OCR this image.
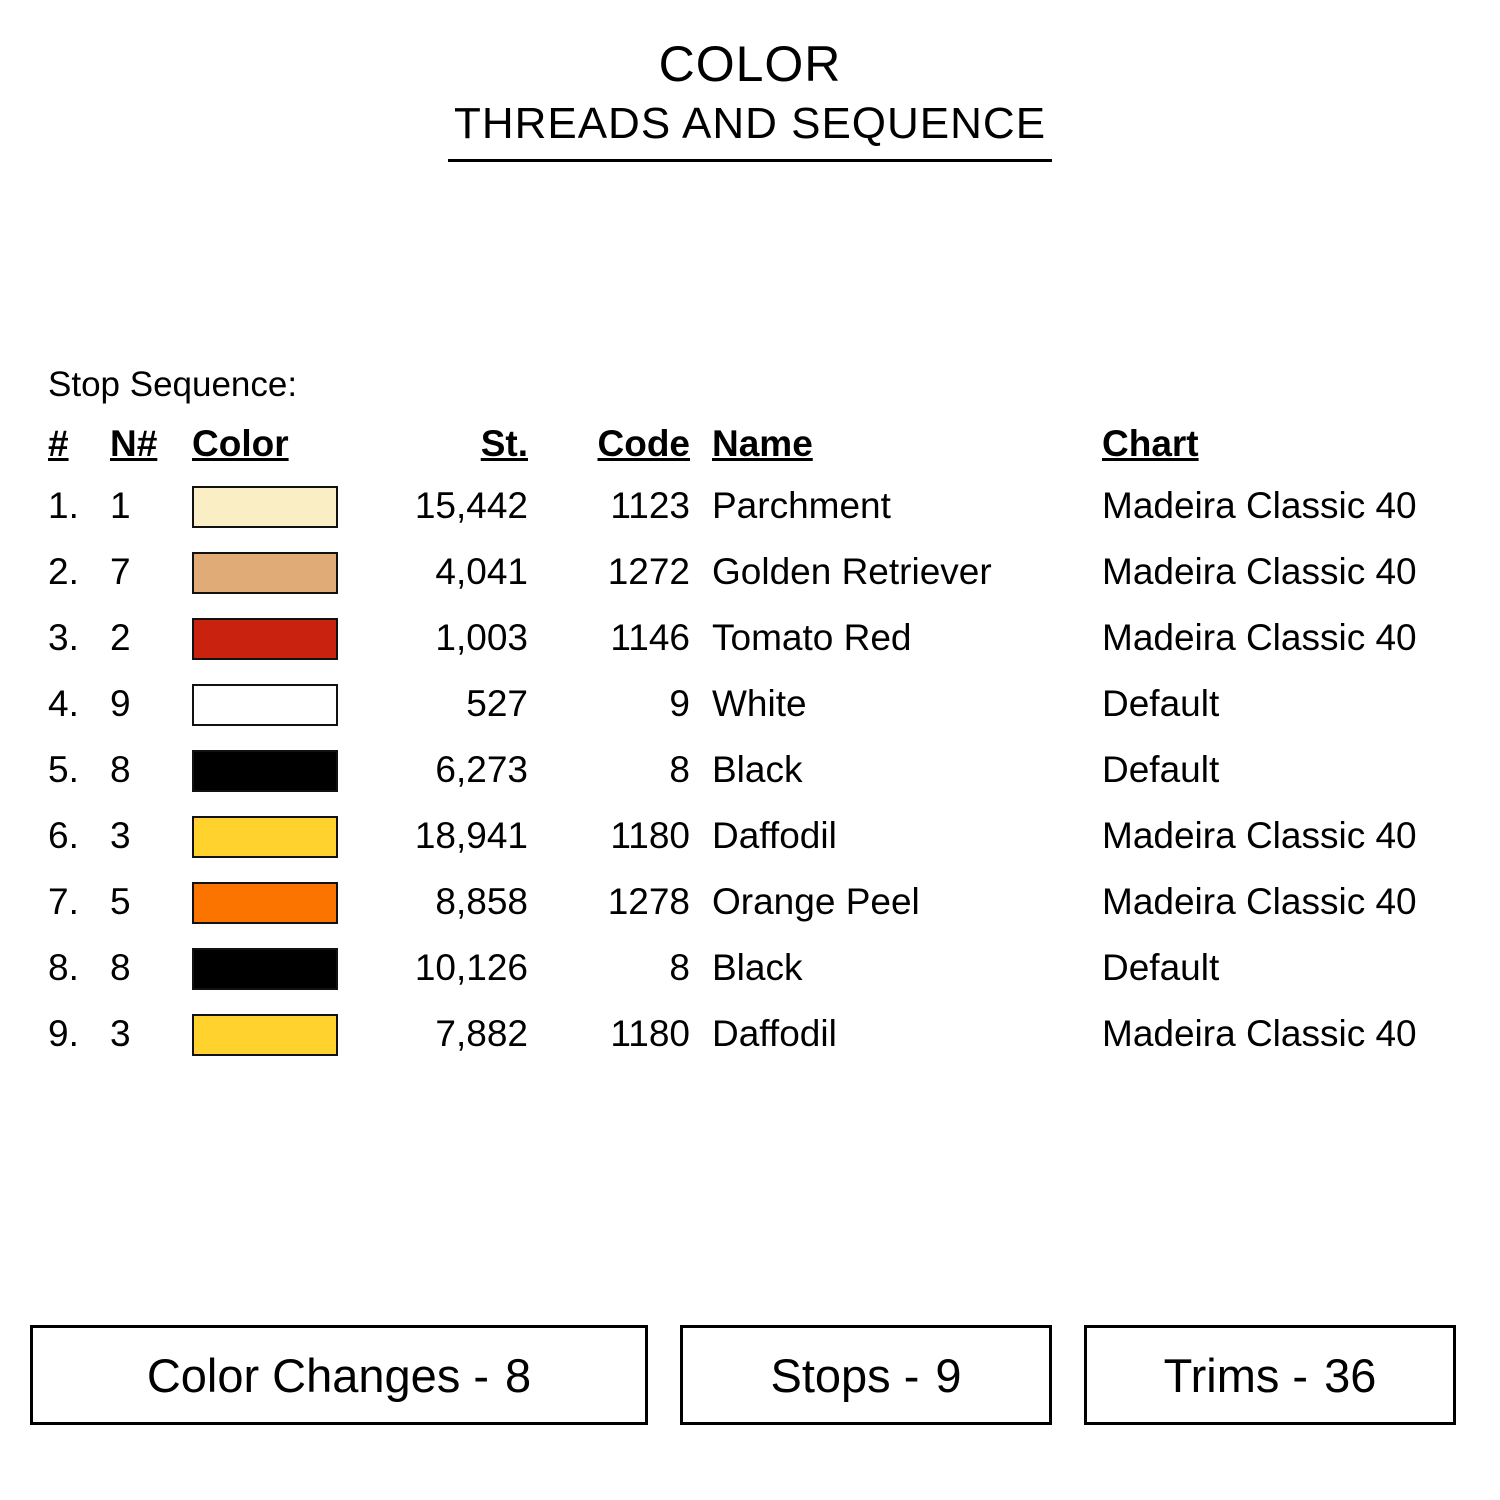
COLOR
THREADS AND SEQUENCE
Stop Sequence:
#	N#	Color	St.	Code	Name	Chart
1.	1		15,442	1123	Parchment	Madeira Classic 40
2.	7		4,041	1272	Golden Retriever	Madeira Classic 40
3.	2		1,003	1146	Tomato Red	Madeira Classic 40
4.	9		527	9	White	Default
5.	8		6,273	8	Black	Default
6.	3		18,941	1180	Daffodil	Madeira Classic 40
7.	5		8,858	1278	Orange Peel	Madeira Classic 40
8.	8		10,126	8	Black	Default
9.	3		7,882	1180	Daffodil	Madeira Classic 40
Color Changes - 8	Stops - 9	Trims - 36
